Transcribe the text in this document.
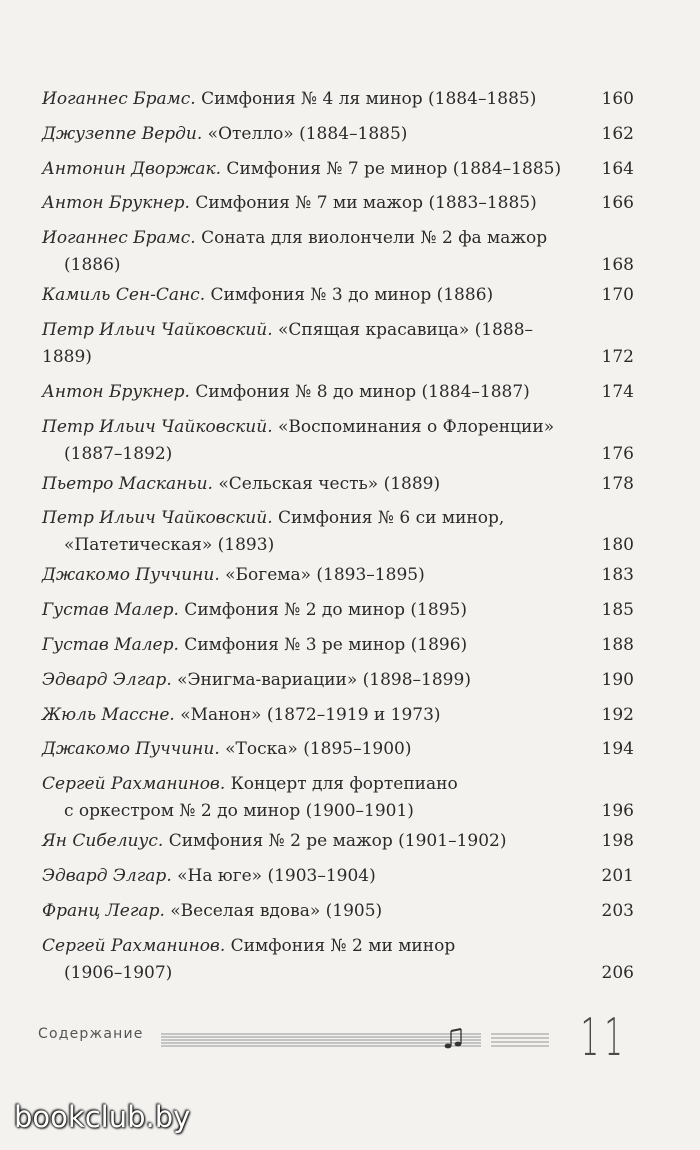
Иоганнес Брамс. Симфония № 4 ля минор (1884–1885)	160
Джузеппе Верди. «Отелло» (1884–1885)	162
Антонин Дворжак. Симфония № 7 ре минор (1884–1885)	164
Антон Брукнер. Симфония № 7 ми мажор (1883–1885)	166
Иоганнес Брамс. Соната для виолончели № 2 фа мажор
(1886)	168
Камиль Сен-Санс. Симфония № 3 до минор (1886)	170
Петр Ильич Чайковский. «Спящая красавица» (1888–1889)	172
Антон Брукнер. Симфония № 8 до минор (1884–1887)	174
Петр Ильич Чайковский. «Воспоминания о Флоренции»
(1887–1892)	176
Пьетро Масканьи. «Сельская честь» (1889)	178
Петр Ильич Чайковский. Симфония № 6 си минор,
«Патетическая» (1893)	180
Джакомо Пуччини. «Богема» (1893–1895)	183
Густав Малер. Симфония № 2 до минор (1895)	185
Густав Малер. Симфония № 3 ре минор (1896)	188
Эдвард Элгар. «Энигма-вариации» (1898–1899)	190
Жюль Массне. «Манон» (1872–1919 и 1973)	192
Джакомо Пуччини. «Тоска» (1895–1900)	194
Сергей Рахманинов. Концерт для фортепиано
с оркестром № 2 до минор (1900–1901)	196
Ян Сибелиус. Симфония № 2 ре мажор (1901–1902)	198
Эдвард Элгар. «На юге» (1903–1904)	201
Франц Легар. «Веселая вдова» (1905)	203
Сергей Рахманинов. Симфония № 2 ми минор
(1906–1907)	206
Содержание	11
bookclub.by
